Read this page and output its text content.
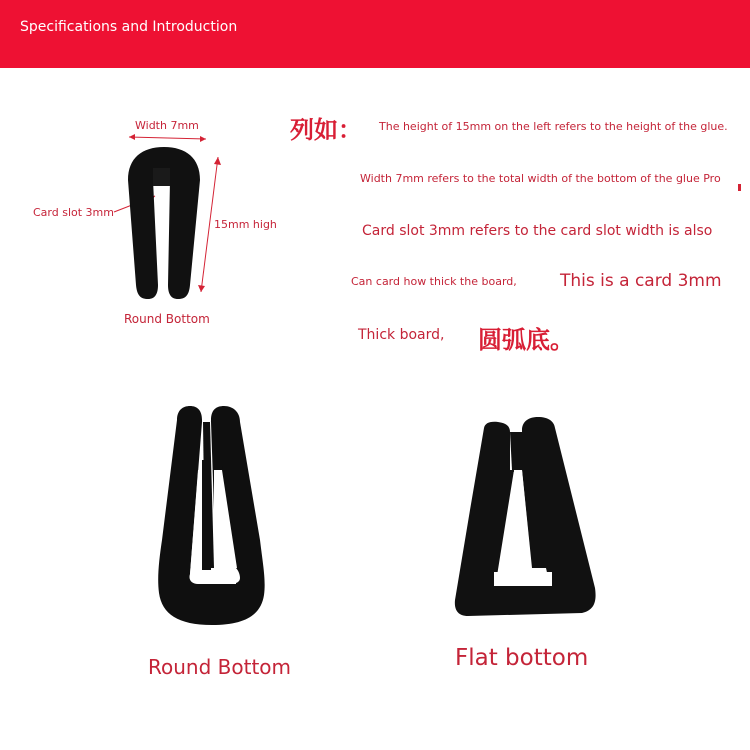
Specifications and Introduction
Width 7mm
Card slot 3mm
15mm high
Round Bottom
列如： The height of 15mm on the left refers to the height of the glue.
Width 7mm refers to the total width of the bottom of the glue Pro
Card slot 3mm refers to the card slot width is also
Can card how thick the board,	This is a card 3mm
Thick board, 圆弧底。
Round Bottom	Flat bottom
